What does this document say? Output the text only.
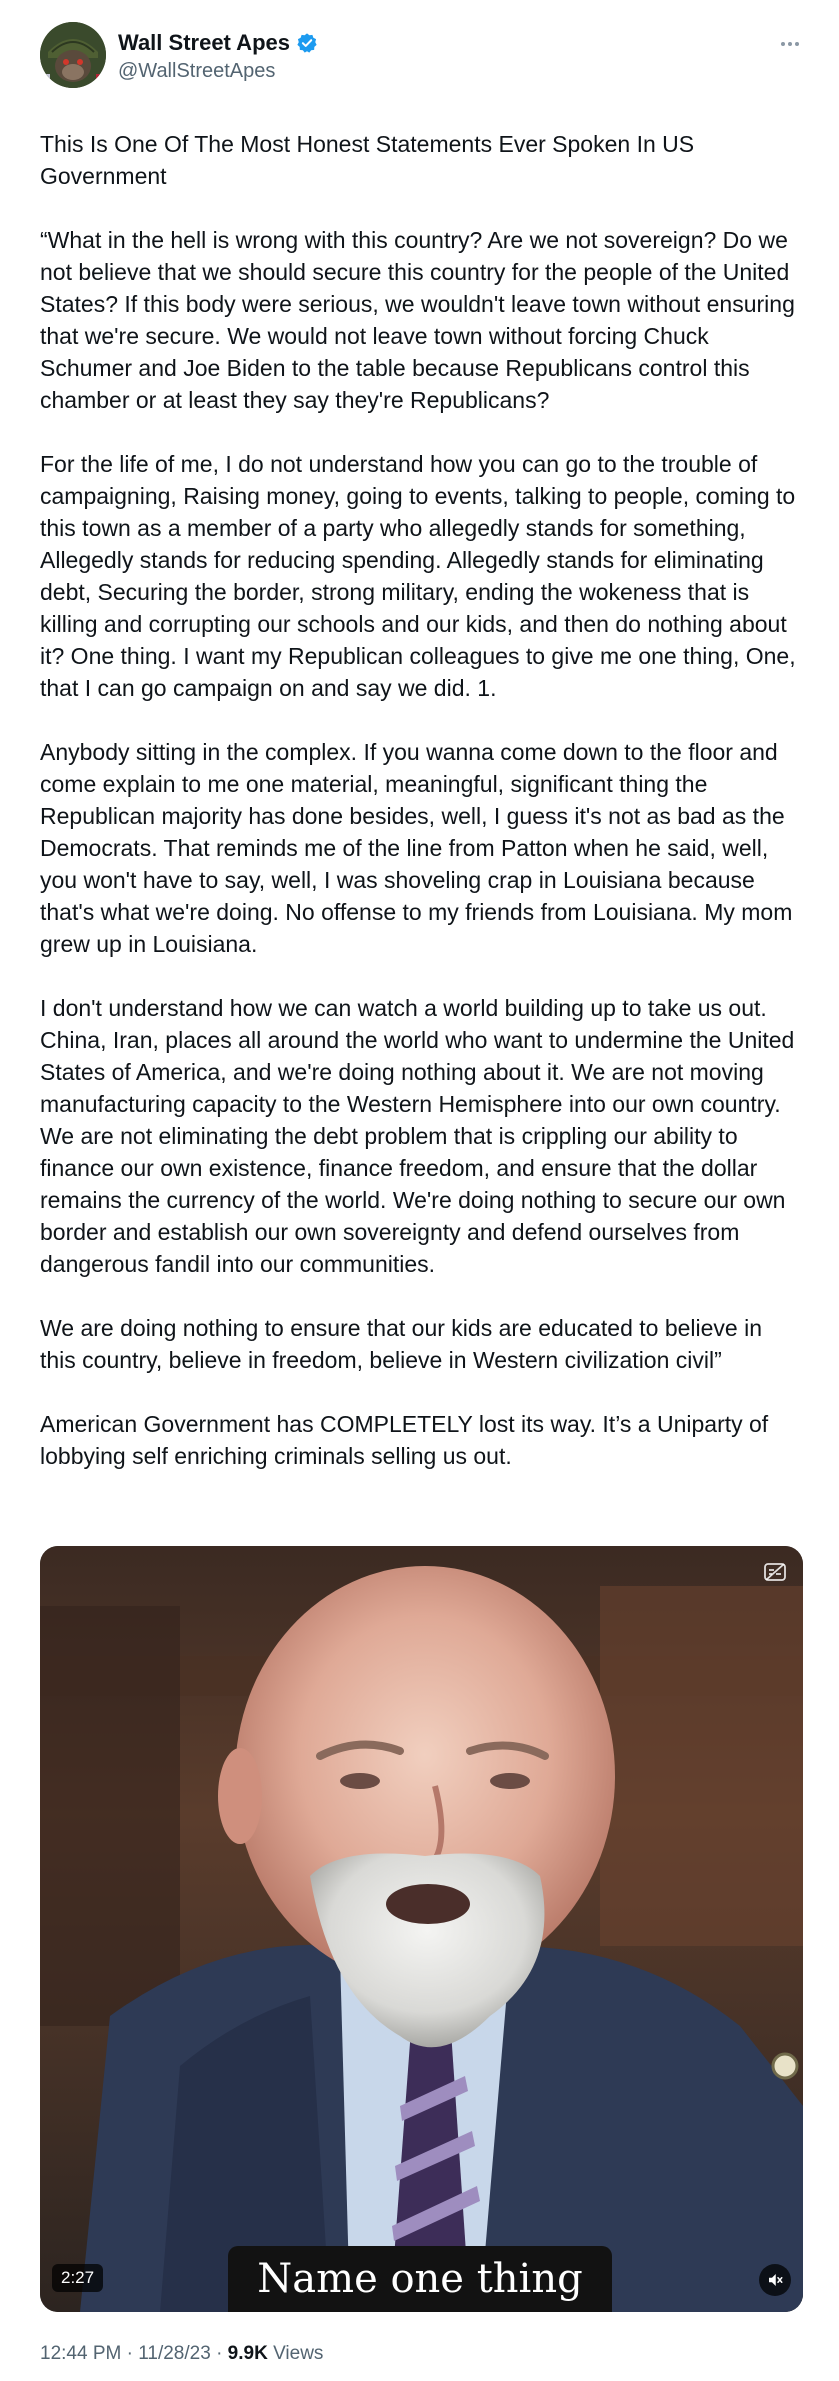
Wall Street Apes
@WallStreetApes

This Is One Of The Most Honest Statements Ever Spoken In US Government

“What in the hell is wrong with this country? Are we not sovereign? Do we not believe that we should secure this country for the people of the United States? If this body were serious, we wouldn't leave town without ensuring that we're secure. We would not leave town without forcing Chuck Schumer and Joe Biden to the table because Republicans control this chamber or at least they say they're Republicans?

For the life of me, I do not understand how you can go to the trouble of campaigning, Raising money, going to events, talking to people, coming to this town as a member of a party who allegedly stands for something, Allegedly stands for reducing spending. Allegedly stands for eliminating debt, Securing the border, strong military, ending the wokeness that is killing and corrupting our schools and our kids, and then do nothing about it? One thing. I want my Republican colleagues to give me one thing, One, that I can go campaign on and say we did. 1.

Anybody sitting in the complex. If you wanna come down to the floor and come explain to me one material, meaningful, significant thing the Republican majority has done besides, well, I guess it's not as bad as the Democrats. That reminds me of the line from Patton when he said, well, you won't have to say, well, I was shoveling crap in Louisiana because that's what we're doing. No offense to my friends from Louisiana. My mom grew up in Louisiana.

I don't understand how we can watch a world building up to take us out. China, Iran, places all around the world who want to undermine the United States of America, and we're doing nothing about it. We are not moving manufacturing capacity to the Western Hemisphere into our own country. We are not eliminating the debt problem that is crippling our ability to finance our own existence, finance freedom, and ensure that the dollar remains the currency of the world. We're doing nothing to secure our own border and establish our own sovereignty and defend ourselves from dangerous fandil into our communities.

We are doing nothing to ensure that our kids are educated to believe in this country, believe in freedom, believe in Western civilization civil”

American Government has COMPLETELY lost its way. It’s a Uniparty of lobbying self enriching criminals selling us out.

Name one thing
2:27
12:44 PM · 11/28/23 · 9.9K Views
